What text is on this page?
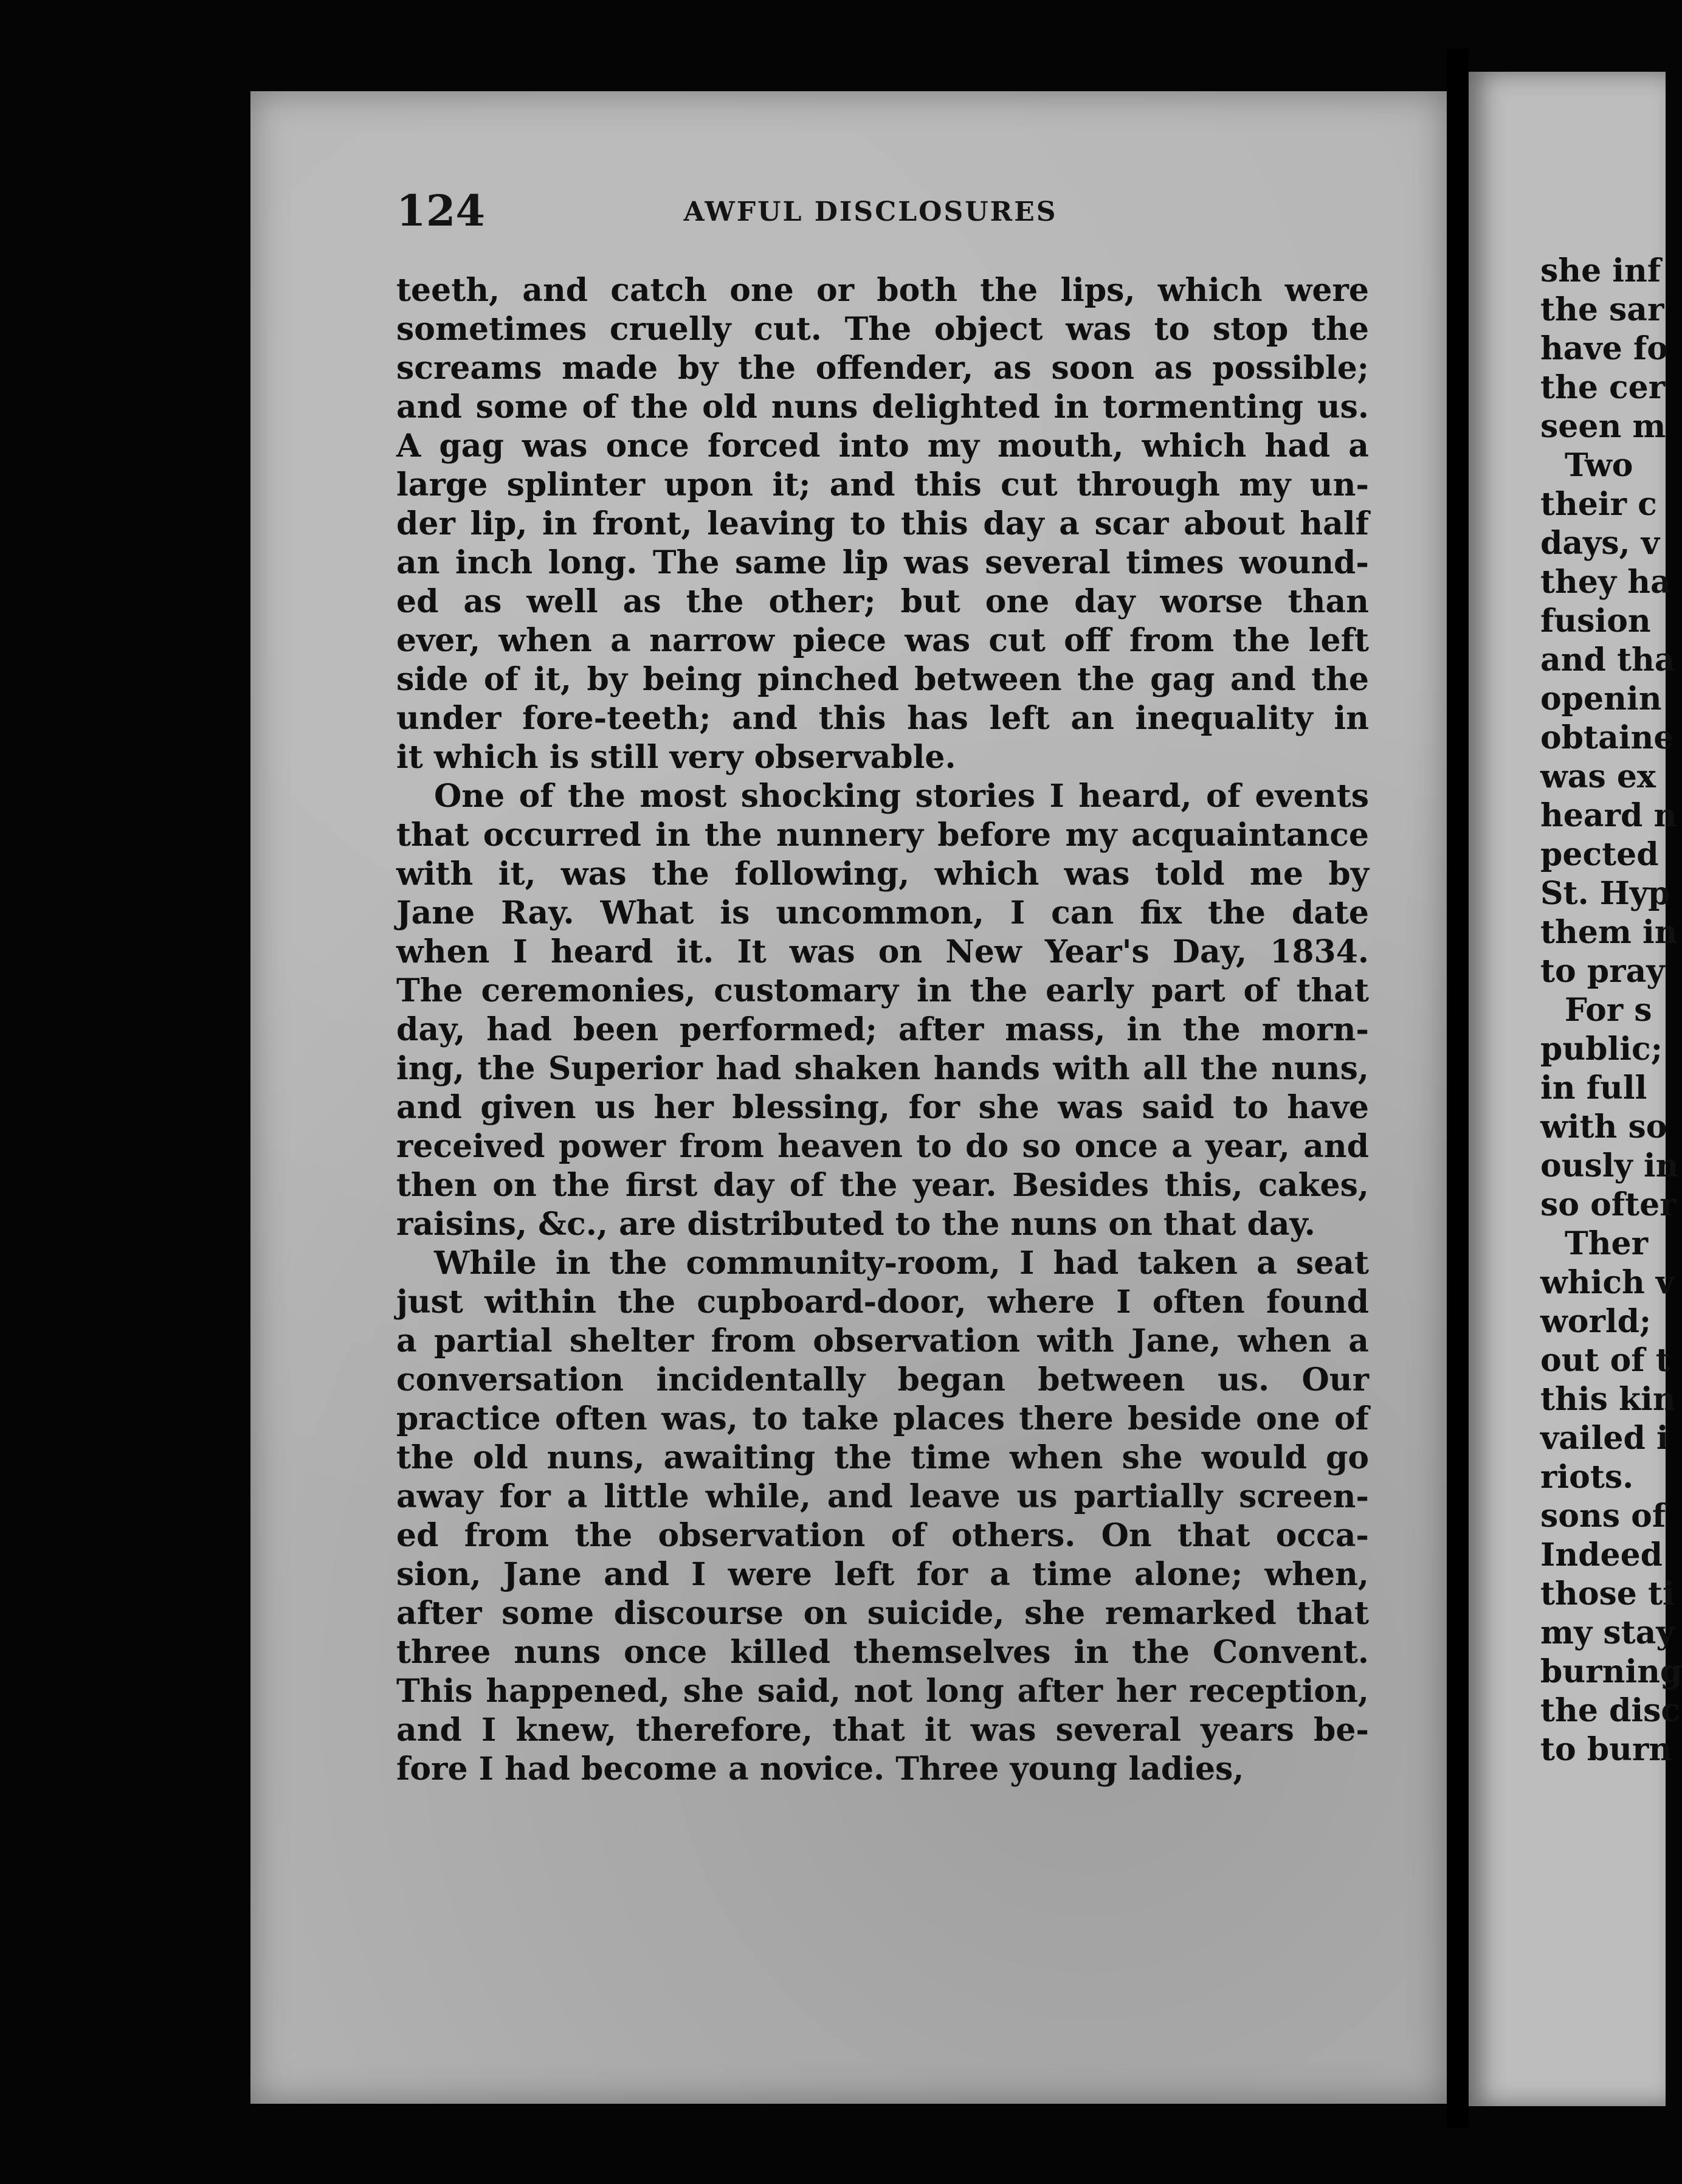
she inf
the sar
have fo
the cer
seen m
Two
their c
days, v
they ha
fusion
and tha
openin
obtaine
was ex
heard n
pected
St. Hyp
them in
to pray
For s
public;
in full
with so
ously in
so ofter
Ther
which v
world;
out of t
this kin
vailed i
riots.
sons of
Indeed
those ti
my stay
burning
the disc
to burn
124	AWFUL DISCLOSURES
teeth, and catch one or both the lips, which were
sometimes cruelly cut. The object was to stop the
screams made by the offender, as soon as possible;
and some of the old nuns delighted in tormenting us.
A gag was once forced into my mouth, which had a
large splinter upon it; and this cut through my un-
der lip, in front, leaving to this day a scar about half
an inch long. The same lip was several times wound-
ed as well as the other; but one day worse than
ever, when a narrow piece was cut off from the left
side of it, by being pinched between the gag and the
under fore-teeth; and this has left an inequality in
it which is still very observable.
One of the most shocking stories I heard, of events
that occurred in the nunnery before my acquaintance
with it, was the following, which was told me by
Jane Ray. What is uncommon, I can fix the date
when I heard it. It was on New Year's Day, 1834.
The ceremonies, customary in the early part of that
day, had been performed; after mass, in the morn-
ing, the Superior had shaken hands with all the nuns,
and given us her blessing, for she was said to have
received power from heaven to do so once a year, and
then on the first day of the year. Besides this, cakes,
raisins, &c., are distributed to the nuns on that day.
While in the community-room, I had taken a seat
just within the cupboard-door, where I often found
a partial shelter from observation with Jane, when a
conversation incidentally began between us. Our
practice often was, to take places there beside one of
the old nuns, awaiting the time when she would go
away for a little while, and leave us partially screen-
ed from the observation of others. On that occa-
sion, Jane and I were left for a time alone; when,
after some discourse on suicide, she remarked that
three nuns once killed themselves in the Convent.
This happened, she said, not long after her reception,
and I knew, therefore, that it was several years be-
fore I had become a novice. Three young ladies,
